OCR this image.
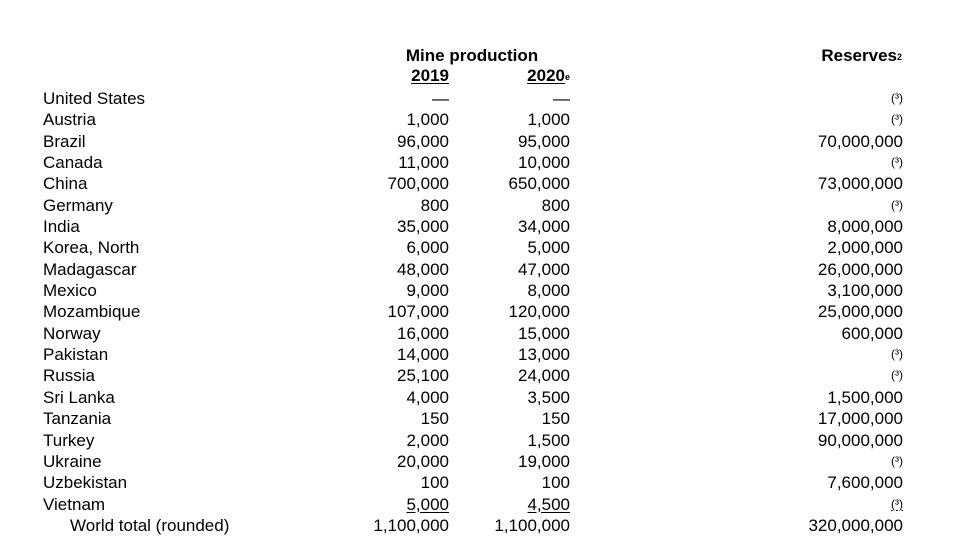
Mine production
2019	2020e
Reserves$^2$
United States	—	—	(³)
Austria	1,000	1,000	(³)
Brazil	96,000	95,000	70,000,000
Canada	11,000	10,000	(³)
China	700,000	650,000	73,000,000
Germany	800	800	(³)
India	35,000	34,000	8,000,000
Korea, North	6,000	5,000	2,000,000
Madagascar	48,000	47,000	26,000,000
Mexico	9,000	8,000	3,100,000
Mozambique	107,000	120,000	25,000,000
Norway	16,000	15,000	600,000
Pakistan	14,000	13,000	(³)
Russia	25,100	24,000	(³)
Sri Lanka	4,000	3,500	1,500,000
Tanzania	150	150	17,000,000
Turkey	2,000	1,500	90,000,000
Ukraine	20,000	19,000	(³)
Uzbekistan	100	100	7,600,000
Vietnam	5,000	4,500	(³)
World total (rounded)	1,100,000	1,100,000	320,000,000
